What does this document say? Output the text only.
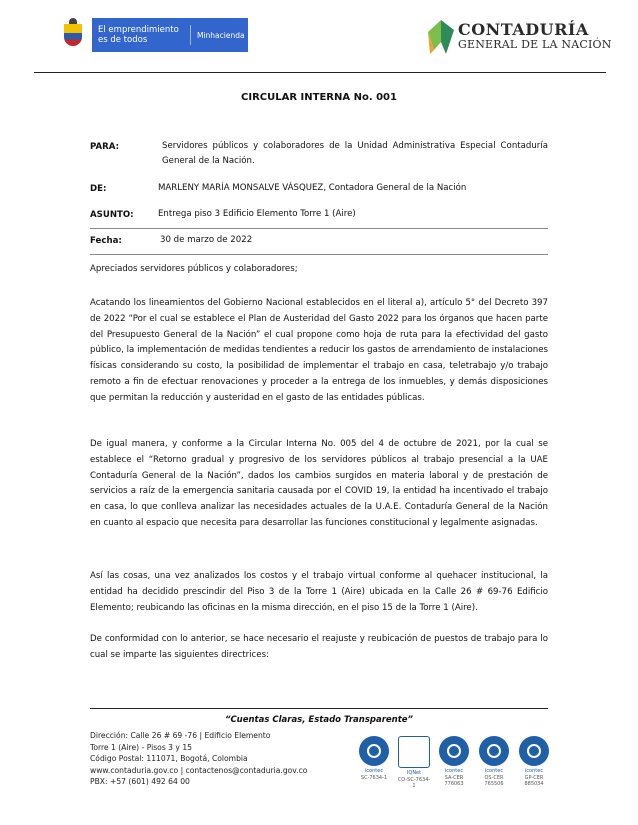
El emprendimiento es de todos	Minhacienda	CONTADURÍA
GENERAL DE LA NACIÓN
CIRCULAR INTERNA No. 001
PARA:	Servidores públicos y colaboradores de la Unidad Administrativa Especial Contaduría General de la Nación.
DE:	MARLENY MARÍA MONSALVE VÁSQUEZ, Contadora General de la Nación
ASUNTO:	Entrega piso 3 Edificio Elemento Torre 1 (Aire)
Fecha:	30 de marzo de 2022
Apreciados servidores públicos y colaboradores;
Acatando los lineamientos del Gobierno Nacional establecidos en el literal a), artículo 5° del Decreto 397 de 2022 “Por el cual se establece el Plan de Austeridad del Gasto 2022 para los órganos que hacen parte del Presupuesto General de la Nación” el cual propone como hoja de ruta para la efectividad del gasto público, la implementación de medidas tendientes a reducir los gastos de arrendamiento de instalaciones físicas considerando su costo, la posibilidad de implementar el trabajo en casa, teletrabajo y/o trabajo remoto a fin de efectuar renovaciones y proceder a la entrega de los inmuebles, y demás disposiciones que permitan la reducción y austeridad en el gasto de las entidades públicas.
De igual manera, y conforme a la Circular Interna No. 005 del 4 de octubre de 2021, por la cual se establece el “Retorno gradual y progresivo de los servidores públicos al trabajo presencial a la UAE Contaduría General de la Nación”, dados los cambios surgidos en materia laboral y de prestación de servicios a raíz de la emergencia sanitaria causada por el COVID 19, la entidad ha incentivado el trabajo en casa, lo que conlleva analizar las necesidades actuales de la U.A.E. Contaduría General de la Nación en cuanto al espacio que necesita para desarrollar las funciones constitucional y legalmente asignadas.
Así las cosas, una vez analizados los costos y el trabajo virtual conforme al quehacer institucional, la entidad ha decidido prescindir del Piso 3 de la Torre 1 (Aire) ubicada en la Calle 26 # 69-76 Edificio Elemento; reubicando las oficinas en la misma dirección, en el piso 15 de la Torre 1 (Aire).
De conformidad con lo anterior, se hace necesario el reajuste y reubicación de puestos de trabajo para lo cual se imparte las siguientes directrices:
“Cuentas Claras, Estado Transparente”
Dirección: Calle 26 # 69 -76 | Edificio Elemento
Torre 1 (Aire) - Pisos 3 y 15
Código Postal: 111071, Bogotá, Colombia
www.contaduria.gov.co | contactenos@contaduria.gov.co
PBX: +57 (601) 492 64 00
icontec
SC-7634-1
IQNet
CO-SC-7634-1
icontec
SA-CER 776063
icontec
OS-CER 765506
icontec
GP-CER 885034
